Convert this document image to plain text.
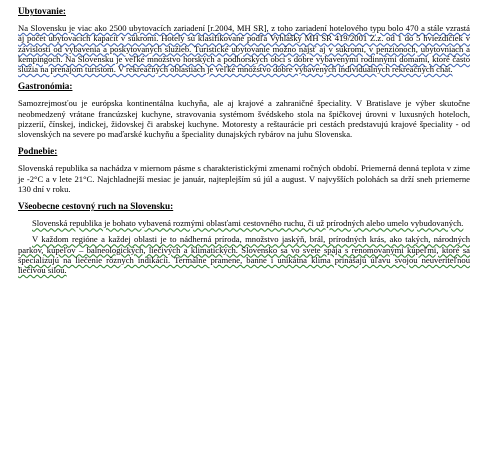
Ubytovanie:

Na Slovensku je viac ako 2500 ubytovacích zariadení [r.2004, MH SR], z toho zariadení hotelového typu bolo 470 a stále vzrastá aj počet ubytovacích kapacít v súkromí. Hotely sú klasifikované podľa Vyhlášky MH SR 419/2001 Z.z. od 1 do 5 hviezdičiek v závislosti od vybavenia a poskytovaných služieb. Turistické ubytovanie možno nájsť aj v súkromí, v penziónoch, ubytovniach a kempingoch. Na Slovensku je veľké množstvo horských a podhorských obcí s dobre vybavenými rodinnými domami, ktoré často slúžia na prenájom turistom. V rekreačných oblastiach je veľké množstvo dobre vybavených individuálnych rekreačných chát.

Gastronómia:

Samozrejmosťou je európska kontinentálna kuchyňa, ale aj krajové a zahraničné špeciality. V Bratislave je výber skutočne neobmedzený vrátane francúzskej kuchyne, stravovania systémom švédskeho stola na špičkovej úrovni v luxusných hoteloch, pizzerií, čínskej, indickej, židovskej či arabskej kuchyne. Motoresty a reštaurácie pri cestách predstavujú krajové špeciality - od slovenských na severe po maďarské kuchyňu a špeciality dunajských rybárov na juhu Slovenska.

Podnebie:

Slovenská republika sa nachádza v miernom pásme s charakteristickými zmenami ročných období. Priemerná denná teplota v zime je -2°C a v lete 21°C. Najchladnejší mesiac je január, najteplejším sú júl a august. V najvyšších polohách sa drží sneh priemerne 130 dní v roku.

Všeobecne cestovný ruch na Slovensku:

Slovenská republika je bohato vybavená rozmými oblasťami cestovného ruchu, či už prírodných alebo umelo vybudovaných.

V každom regióne a každej oblasti je to nádherná príroda, množstvo jaskýň, brál, prírodných krás, ako takých, národných parkov, kúpeľov – balneologických, liečivých a klimatických. Slovensko sa vo svete spája s renomovanými kúpeľmi, ktoré sa špecializujú na liečenie rôznych indikácií. Termálne pramene, banne i unikátna klíma prinášajú úľavu svojou neuveriteľnou liečivou silou.
